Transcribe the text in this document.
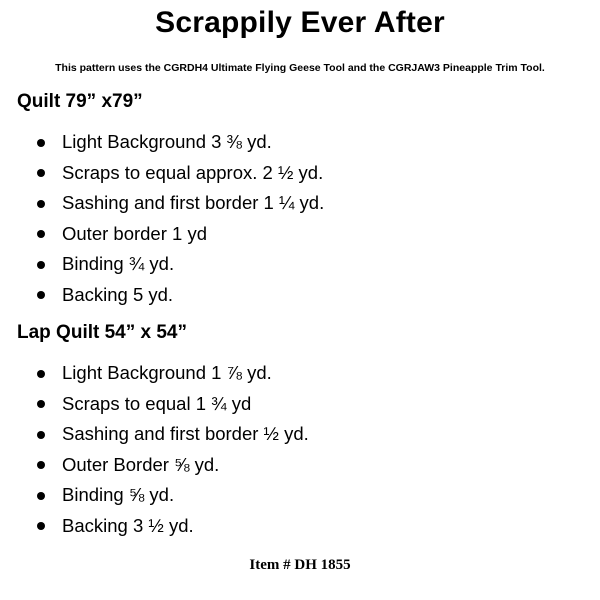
Scrappily Ever After
This pattern uses the CGRDH4 Ultimate Flying Geese Tool and the CGRJAW3 Pineapple Trim Tool.
Quilt 79” x79”
Light Background 3 ⅜ yd.
Scraps to equal approx. 2 ½ yd.
Sashing and first border 1 ¼ yd.
Outer border 1 yd
Binding ¾ yd.
Backing 5 yd.
Lap Quilt 54” x 54”
Light Background 1 ⅞ yd.
Scraps to equal 1 ¾ yd
Sashing and first border ½ yd.
Outer Border ⅝ yd.
Binding ⅝ yd.
Backing 3 ½ yd.
Item # DH 1855
